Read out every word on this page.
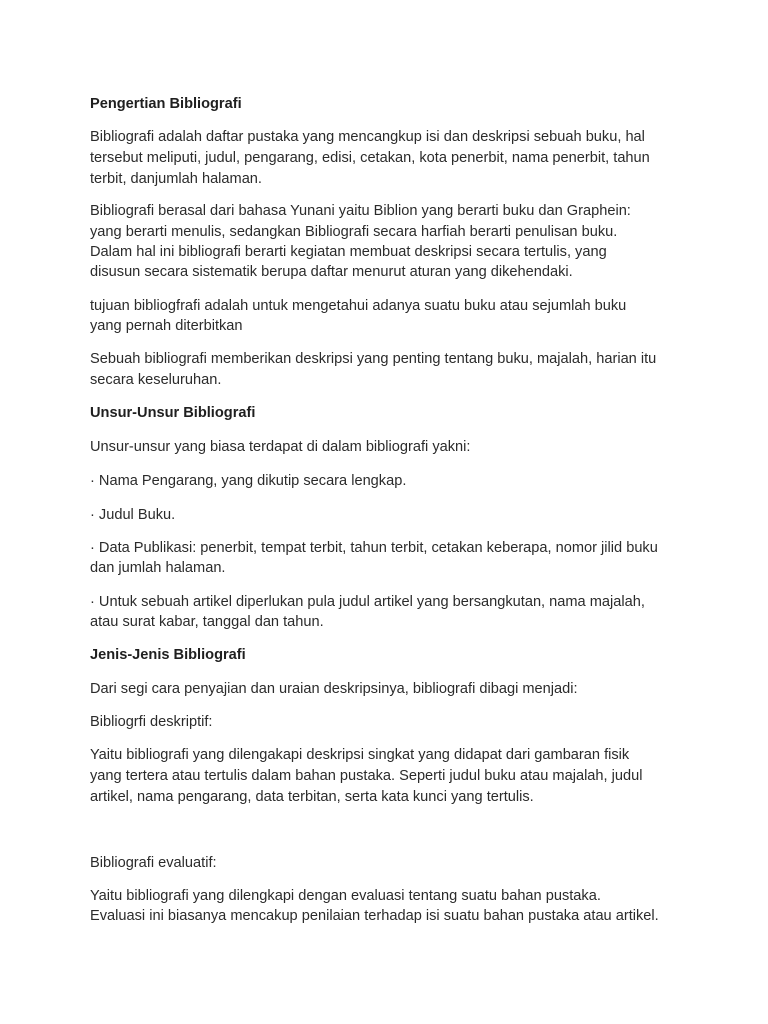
Pengertian Bibliografi
Bibliografi adalah daftar pustaka yang mencangkup isi dan deskripsi sebuah buku, hal
tersebut meliputi, judul, pengarang, edisi, cetakan, kota penerbit, nama penerbit, tahun
terbit, danjumlah halaman.
Bibliografi berasal dari bahasa Yunani yaitu Biblion yang berarti buku dan Graphein:
yang berarti menulis, sedangkan Bibliografi secara harfiah berarti penulisan buku.
Dalam hal ini bibliografi berarti kegiatan membuat deskripsi secara tertulis, yang
disusun secara sistematik berupa daftar menurut aturan yang dikehendaki.
tujuan bibliogfrafi adalah untuk mengetahui adanya suatu buku atau sejumlah buku
yang pernah diterbitkan
Sebuah bibliografi memberikan deskripsi yang penting tentang buku, majalah, harian itu
secara keseluruhan.
Unsur-Unsur Bibliografi
Unsur-unsur yang biasa terdapat di dalam bibliografi yakni:
· Nama Pengarang, yang dikutip secara lengkap.
· Judul Buku.
· Data Publikasi: penerbit, tempat terbit, tahun terbit, cetakan keberapa, nomor jilid buku
dan jumlah halaman.
· Untuk sebuah artikel diperlukan pula judul artikel yang bersangkutan, nama majalah,
atau surat kabar, tanggal dan tahun.
Jenis-Jenis Bibliografi
Dari segi cara penyajian dan uraian deskripsinya, bibliografi dibagi menjadi:
Bibliogrfi deskriptif:
Yaitu bibliografi yang dilengakapi deskripsi singkat yang didapat dari gambaran fisik
yang tertera atau tertulis dalam bahan pustaka. Seperti judul buku atau majalah, judul
artikel, nama pengarang, data terbitan, serta kata kunci yang tertulis.
Bibliografi evaluatif:
Yaitu bibliografi yang dilengkapi dengan evaluasi tentang suatu bahan pustaka.
Evaluasi ini biasanya mencakup penilaian terhadap isi suatu bahan pustaka atau artikel.
